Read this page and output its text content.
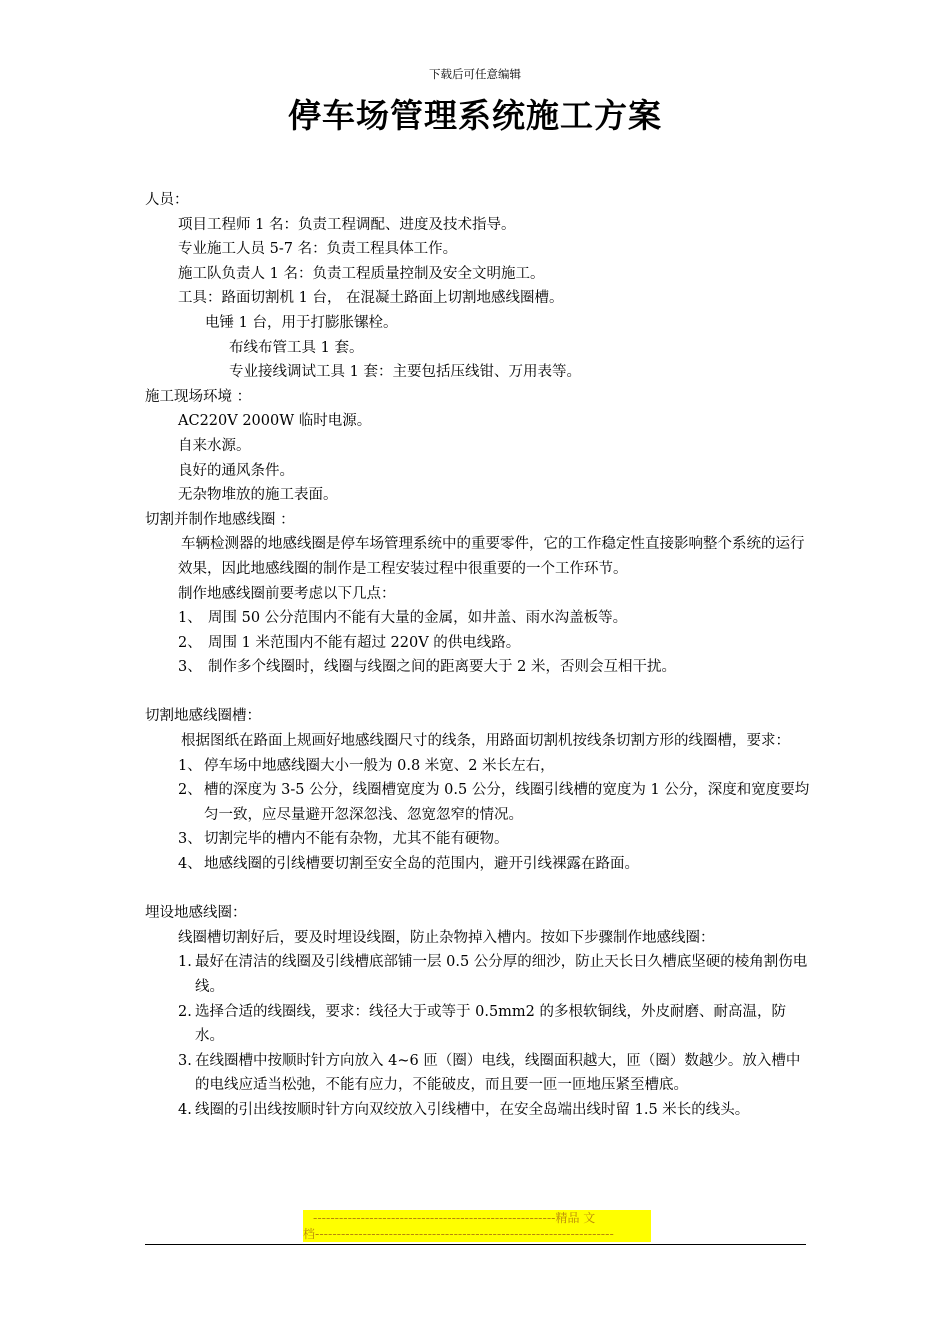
下载后可任意编辑
停车场管理系统施工方案
人员：
项目工程师 1 名：负责工程调配、进度及技术指导。
专业施工人员 5-7 名：负责工程具体工作。
施工队负责人 1 名：负责工程质量控制及安全文明施工。
工具：路面切割机 1 台， 在混凝土路面上切割地感线圈槽。
电锤 1 台，用于打膨胀镙栓。
布线布管工具 1 套。
专业接线调试工具 1 套：主要包括压线钳、万用表等。
施工现场环境 ：
AC220V 2000W 临时电源。
自来水源。
良好的通风条件。
无杂物堆放的施工表面。
切割并制作地感线圈 ：
车辆检测器的地感线圈是停车场管理系统中的重要零件，它的工作稳定性直接影响整个系统的运行效果，因此地感线圈的制作是工程安装过程中很重要的一个工作环节。
制作地感线圈前要考虑以下几点：
1、 周围 50 公分范围内不能有大量的金属，如井盖、雨水沟盖板等。
2、 周围 1 米范围内不能有超过 220V 的供电线路。
3、 制作多个线圈时，线圈与线圈之间的距离要大于 2 米，否则会互相干扰。
切割地感线圈槽：
根据图纸在路面上规画好地感线圈尺寸的线条，用路面切割机按线条切割方形的线圈槽，要求：
1、 停车场中地感线圈大小一般为 0.8 米宽、2 米长左右，
2、 槽的深度为 3-5 公分，线圈槽宽度为 0.5 公分，线圈引线槽的宽度为 1 公分，深度和宽度要均匀一致，应尽量避开忽深忽浅、忽宽忽窄的情况。
3、 切割完毕的槽内不能有杂物，尤其不能有硬物。
4、 地感线圈的引线槽要切割至安全岛的范围内，避开引线裸露在路面。
埋设地感线圈：
线圈槽切割好后，要及时埋设线圈，防止杂物掉入槽内。按如下步骤制作地感线圈：
1. 最好在清洁的线圈及引线槽底部铺一层 0.5 公分厚的细沙，防止天长日久槽底坚硬的棱角割伤电线。
2. 选择合适的线圈线，要求：线径大于或等于 0.5mm2 的多根软铜线，外皮耐磨、耐高温，防水。
3. 在线圈槽中按顺时针方向放入 4~6 匝（圈）电线，线圈面积越大，匝（圈）数越少。放入槽中的电线应适当松弛，不能有应力，不能破皮，而且要一匝一匝地压紧至槽底。
4. 线圈的引出线按顺时针方向双绞放入引线槽中，在安全岛端出线时留 1.5 米长的线头。
--------------------------------------------------------精品 文
档---------------------------------------------------------------------
